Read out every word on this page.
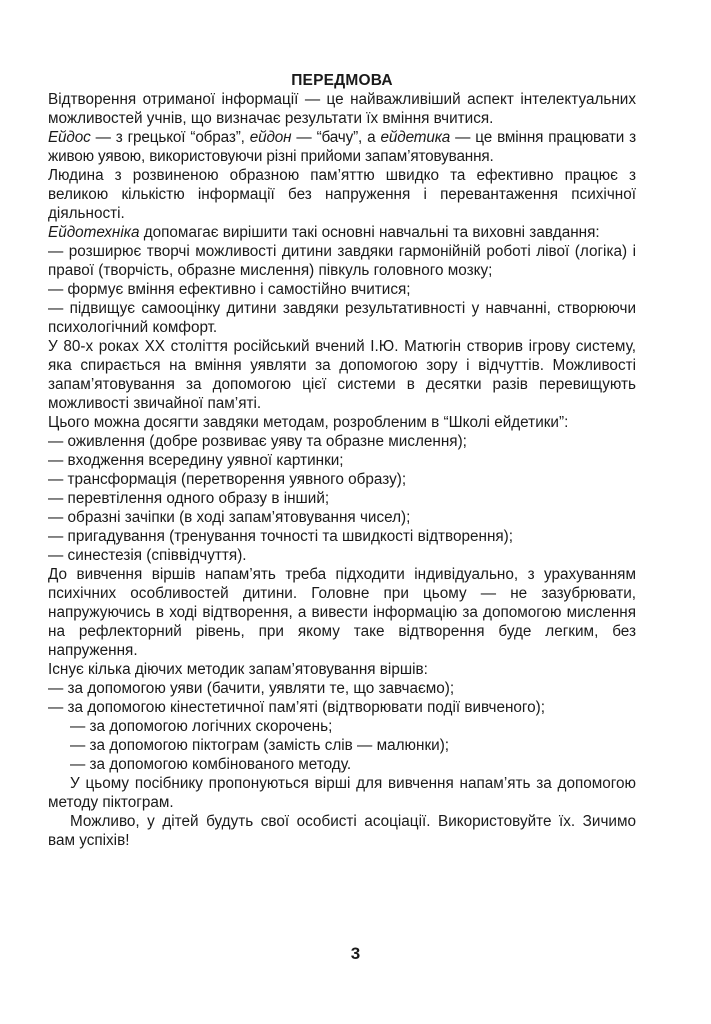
ПЕРЕДМОВА

Відтворення отриманої інформації — це найважливіший аспект інтелектуальних можливостей учнів, що визначає результати їх вміння вчитися.

Ейдос — з грецької “образ”, ейдон — “бачу”, а ейдетика — це вміння працювати з живою уявою, використовуючи різні прийоми запам’ятовування.

Людина з розвиненою образною пам’яттю швидко та ефективно працює з великою кількістю інформації без напруження і перевантаження психічної діяльності.

Ейдотехніка допомагає вирішити такі основні навчальні та виховні завдання:

— розширює творчі можливості дитини завдяки гармонійній роботі лівої (логіка) і правої (творчість, образне мислення) півкуль головного мозку;

— формує вміння ефективно і самостійно вчитися;

— підвищує самооцінку дитини завдяки результативності у навчанні, створюючи психологічний комфорт.

У 80-х роках XX століття російський вчений І.Ю. Матюгін створив ігрову систему, яка спирається на вміння уявляти за допомогою зору і відчуттів. Можливості запам’ятовування за допомогою цієї системи в десятки разів перевищують можливості звичайної пам’яті.

Цього можна досягти завдяки методам, розробленим в “Школі ейдетики”:

— оживлення (добре розвиває уяву та образне мислення);

— входження всередину уявної картинки;

— трансформація (перетворення уявного образу);

— перевтілення одного образу в інший;

— образні зачіпки (в ході запам’ятовування чисел);

— пригадування (тренування точності та швидкості відтворення);

— синестезія (співвідчуття).

До вивчення віршів напам’ять треба підходити індивідуально, з урахуванням психічних особливостей дитини. Головне при цьому — не зазубрювати, напружуючись в ході відтворення, а вивести інформацію за допомогою мислення на рефлекторний рівень, при якому таке відтворення буде легким, без напруження.

Існує кілька діючих методик запам’ятовування віршів:

— за допомогою уяви (бачити, уявляти те, що завчаємо);

— за допомогою кінестетичної пам’яті (відтворювати події вивченого);

— за допомогою логічних скорочень;

— за допомогою піктограм (замість слів — малюнки);

— за допомогою комбінованого методу.

У цьому посібнику пропонуються вірші для вивчення напам’ять за допомогою методу піктограм.

Можливо, у дітей будуть свої особисті асоціації. Використовуйте їх. Зичимо вам успіхів!

3
